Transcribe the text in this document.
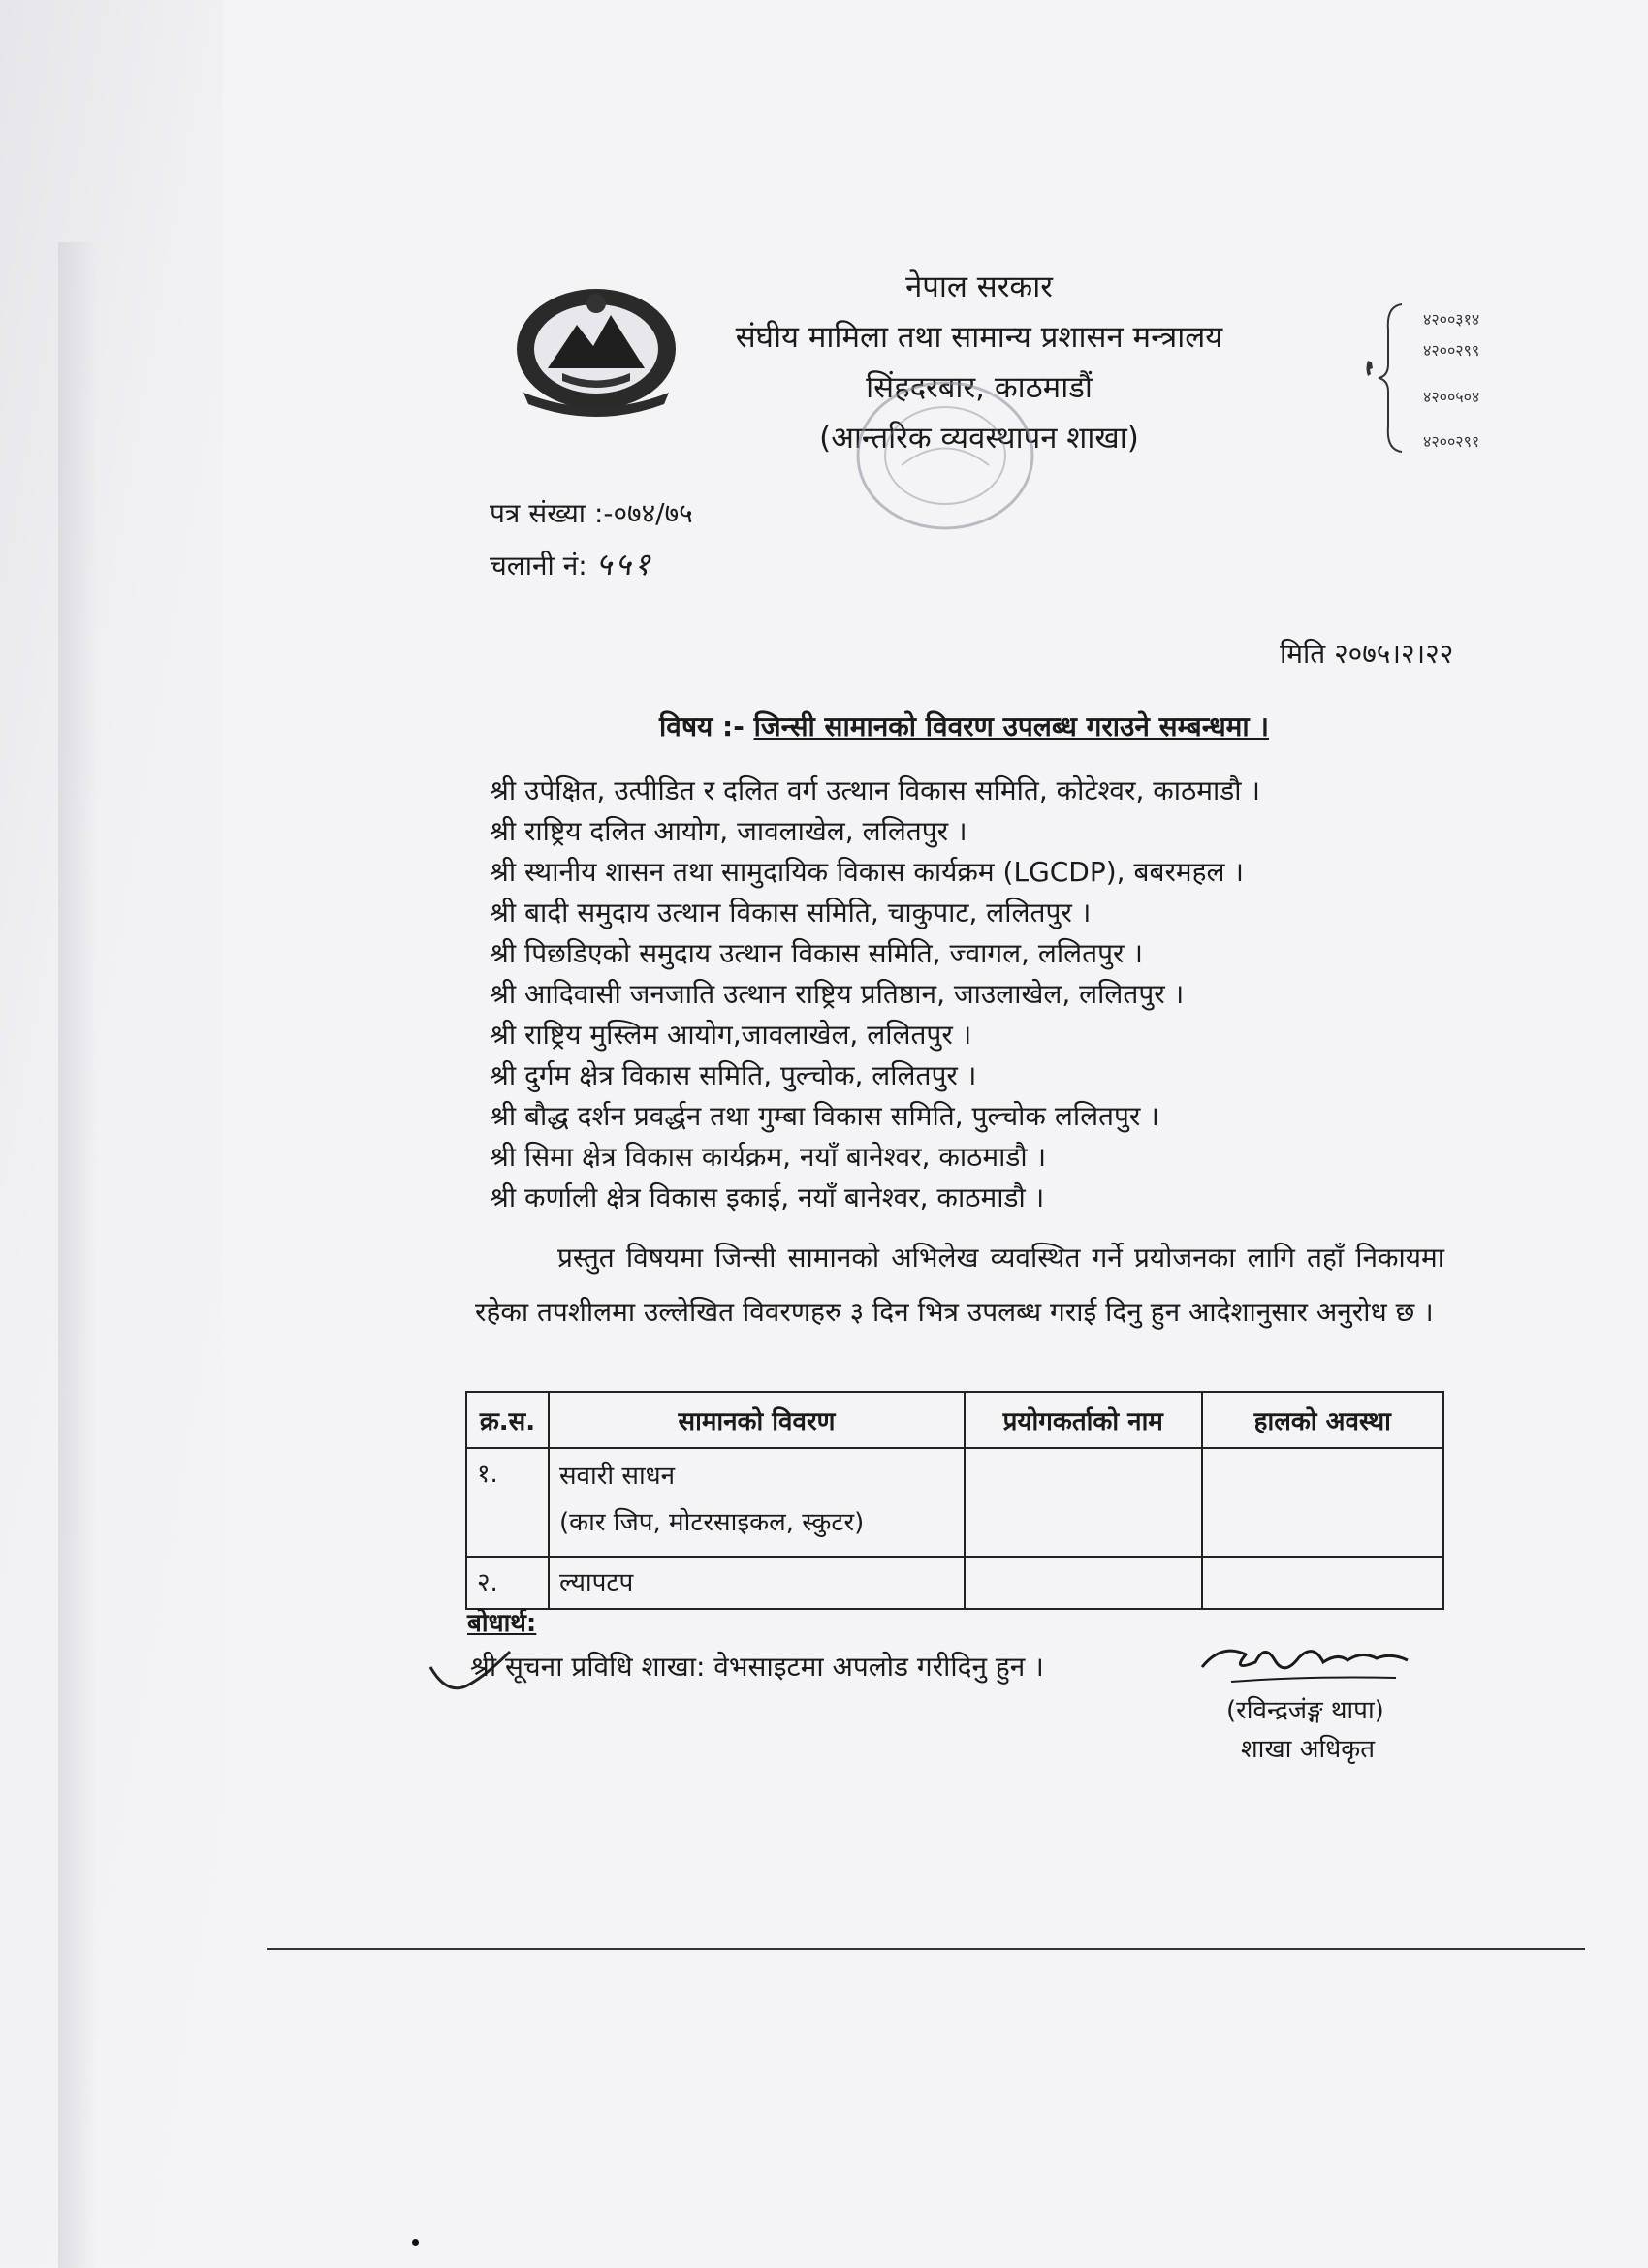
नेपाल सरकार
संघीय मामिला तथा सामान्य प्रशासन मन्त्रालय
सिंहदरबार, काठमाडौं
(आन्तरिक व्यवस्थापन शाखा)
४२००३१४
४२००२९९
४२००५०४
४२००२९१
पत्र संख्या :-०७४/७५
चलानी नं: ५५१
मिति २०७५।२।२२
विषय :- जिन्सी सामानको विवरण उपलब्ध गराउने सम्बन्धमा ।
श्री उपेक्षित, उत्पीडित र दलित वर्ग उत्थान विकास समिति, कोटेश्वर, काठमाडौ ।
श्री राष्ट्रिय दलित आयोग, जावलाखेल, ललितपुर ।
श्री स्थानीय शासन तथा सामुदायिक विकास कार्यक्रम (LGCDP), बबरमहल ।
श्री बादी समुदाय उत्थान विकास समिति, चाकुपाट, ललितपुर ।
श्री पिछडिएको समुदाय उत्थान विकास समिति, ज्वागल, ललितपुर ।
श्री आदिवासी जनजाति उत्थान राष्ट्रिय प्रतिष्ठान, जाउलाखेल, ललितपुर ।
श्री राष्ट्रिय मुस्लिम आयोग,जावलाखेल, ललितपुर ।
श्री दुर्गम क्षेत्र विकास समिति, पुल्चोक, ललितपुर ।
श्री बौद्ध दर्शन प्रवर्द्धन तथा गुम्बा विकास समिति, पुल्चोक ललितपुर ।
श्री सिमा क्षेत्र विकास कार्यक्रम, नयाँ बानेश्वर, काठमाडौ ।
श्री कर्णाली क्षेत्र विकास इकाई, नयाँ बानेश्वर, काठमाडौ ।
प्रस्तुत विषयमा जिन्सी सामानको अभिलेख व्यवस्थित गर्ने प्रयोजनका लागि तहाँ निकायमा रहेका तपशीलमा उल्लेखित विवरणहरु ३ दिन भित्र उपलब्ध गराई दिनु हुन आदेशानुसार अनुरोध छ ।
क्र.स.	सामानको विवरण	प्रयोगकर्ताको नाम	हालको अवस्था
१.	सवारी साधन
(कार जिप, मोटरसाइकल, स्कुटर)		

२.	ल्यापटप		
बोधार्थ:
श्री सूचना प्रविधि शाखा: वेभसाइटमा अपलोड गरीदिनु हुन ।
(रविन्द्रजंङ्ग थापा)
शाखा अधिकृत
